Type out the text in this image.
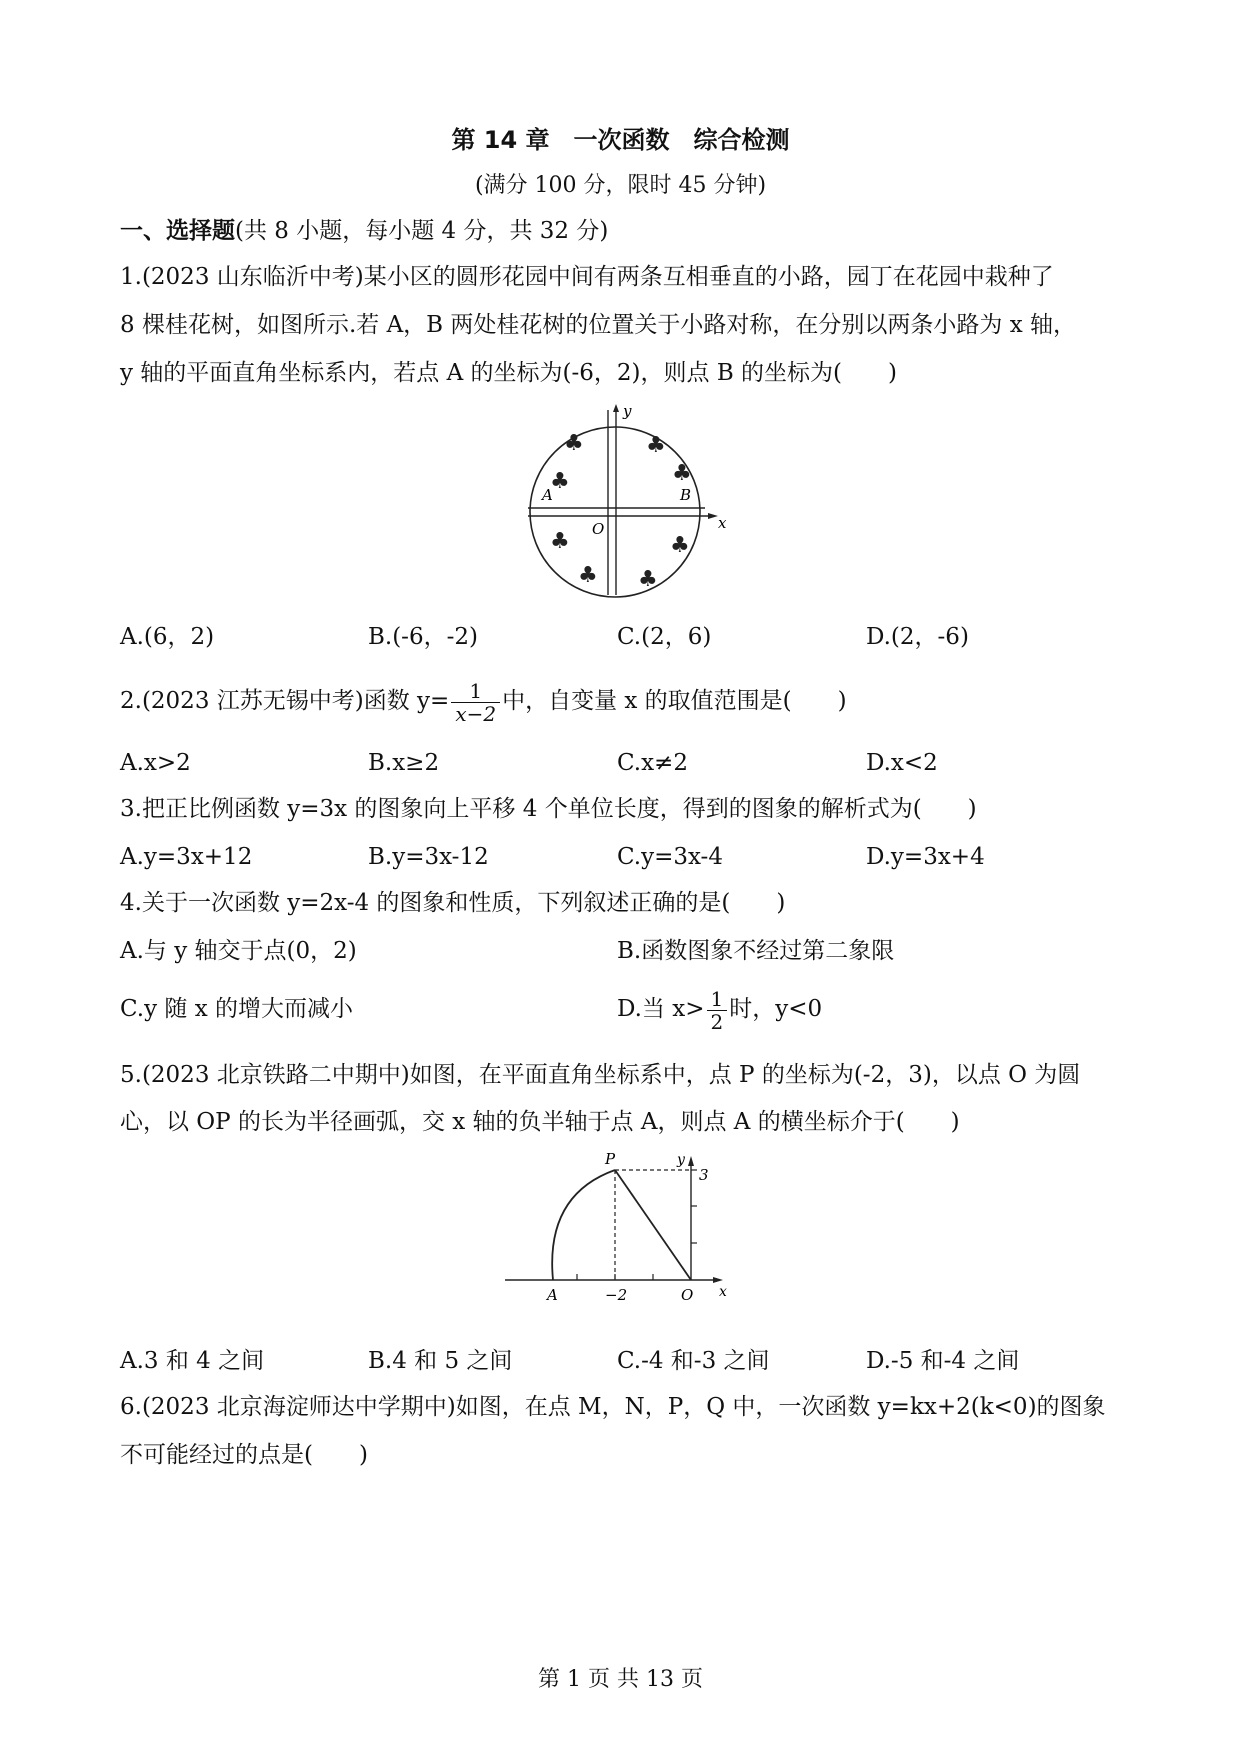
第 14 章　一次函数　综合检测
(满分 100 分，限时 45 分钟)
一、选择题(共 8 小题，每小题 4 分，共 32 分)
1.(2023 山东临沂中考)某小区的圆形花园中间有两条互相垂直的小路，园丁在花园中栽种了
8 棵桂花树，如图所示.若 A，B 两处桂花树的位置关于小路对称，在分别以两条小路为 x 轴，
y 轴的平面直角坐标系内，若点 A 的坐标为(-6，2)，则点 B 的坐标为(　　)
y
x
O
A	B
♣	♣
♣	♣
♣	♣
♣ ♣
A.(6，2)	B.(-6，-2)	C.(2，6)	D.(2，-6)
2.(2023 江苏无锡中考)函数 $y= \frac{1}{x-2}$ 中，自变量 x 的取值范围是(　　)
A.x>2	B.x≥2	C.x≠2	D.x<2
3.把正比例函数 y=3x 的图象向上平移 4 个单位长度，得到的图象的解析式为(　　)
A.y=3x+12	B.y=3x-12	C.y=3x-4	D.y=3x+4
4.关于一次函数 y=2x-4 的图象和性质，下列叙述正确的是(　　)
A.与 y 轴交于点(0，2)	B.函数图象不经过第二象限
C.y 随 x 的增大而减小	D.当 $x> \frac{1}{2}$ 时，y<0
5.(2023 北京铁路二中期中)如图，在平面直角坐标系中，点 P 的坐标为(-2，3)，以点 O 为圆
心，以 OP 的长为半径画弧，交 x 轴的负半轴于点 A，则点 A 的横坐标介于(　　)
P	y
3
A	−2	O x
A.3 和 4 之间	B.4 和 5 之间	C.-4 和-3 之间	D.-5 和-4 之间
6.(2023 北京海淀师达中学期中)如图，在点 M，N，P，Q 中，一次函数 y=kx+2(k<0)的图象
不可能经过的点是(　　)
第 1 页 共 13 页
